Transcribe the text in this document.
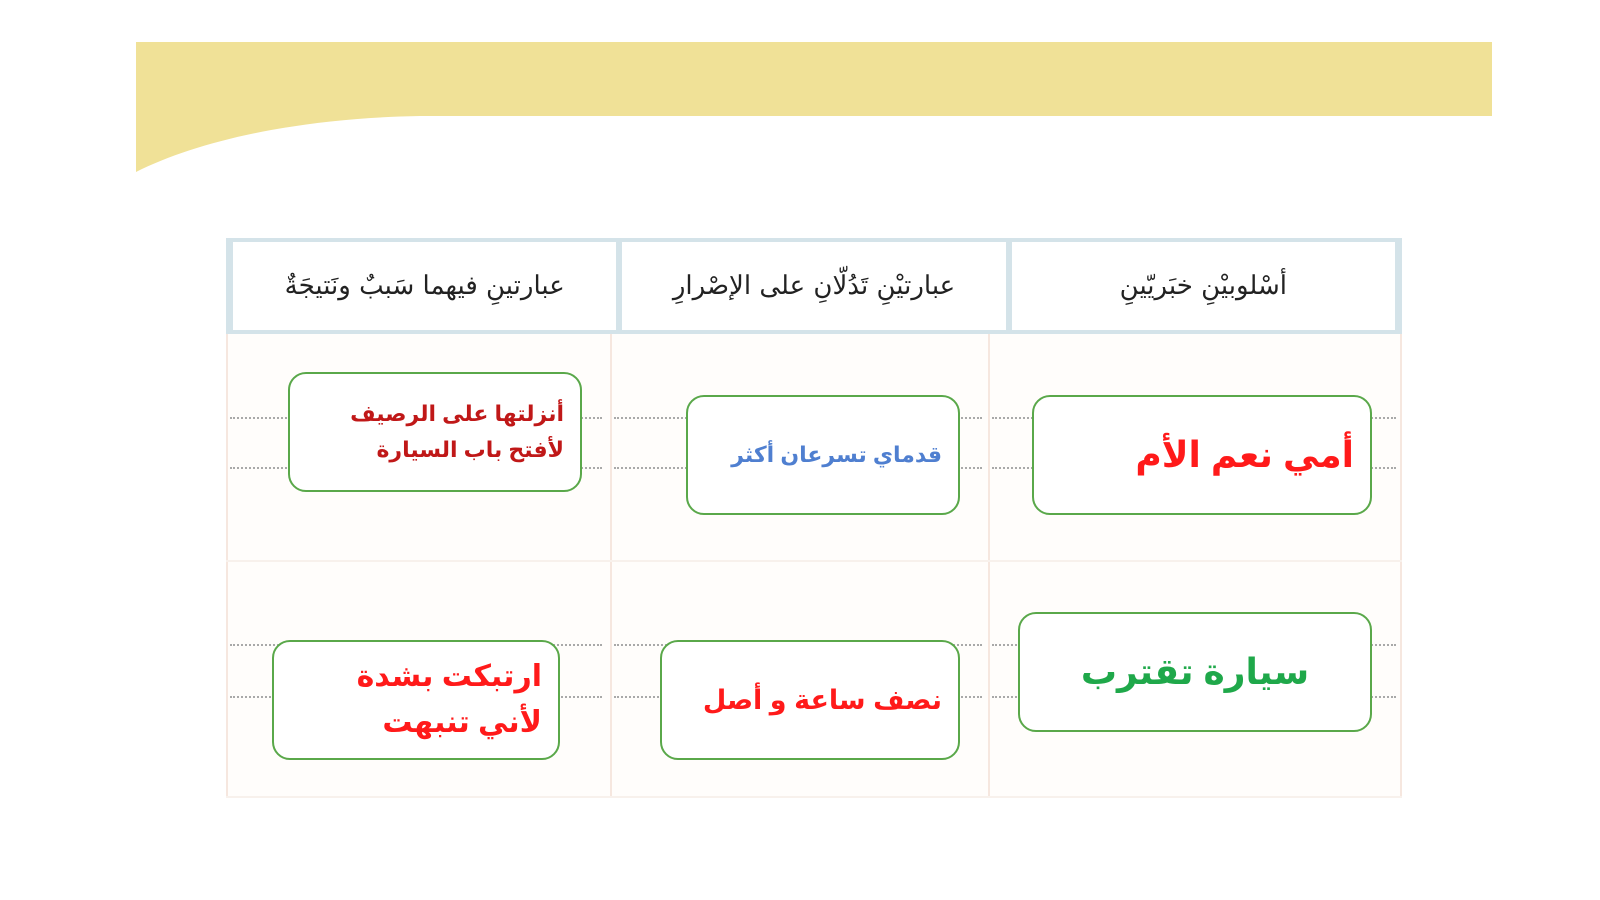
أسْلوبيْنِ خبَريّينِ
عبارتيْنِ تَدُلّانِ على الإصْرارِ
عبارتينِ فيهما سَببٌ ونَتيجَةٌ
أمي نعم الأم
قدماي تسرعان أكثر
أنزلتها على الرصيف
لأفتح باب السيارة
سيارة تقترب
نصف ساعة و أصل
ارتبكت بشدة
لأني تنبهت
